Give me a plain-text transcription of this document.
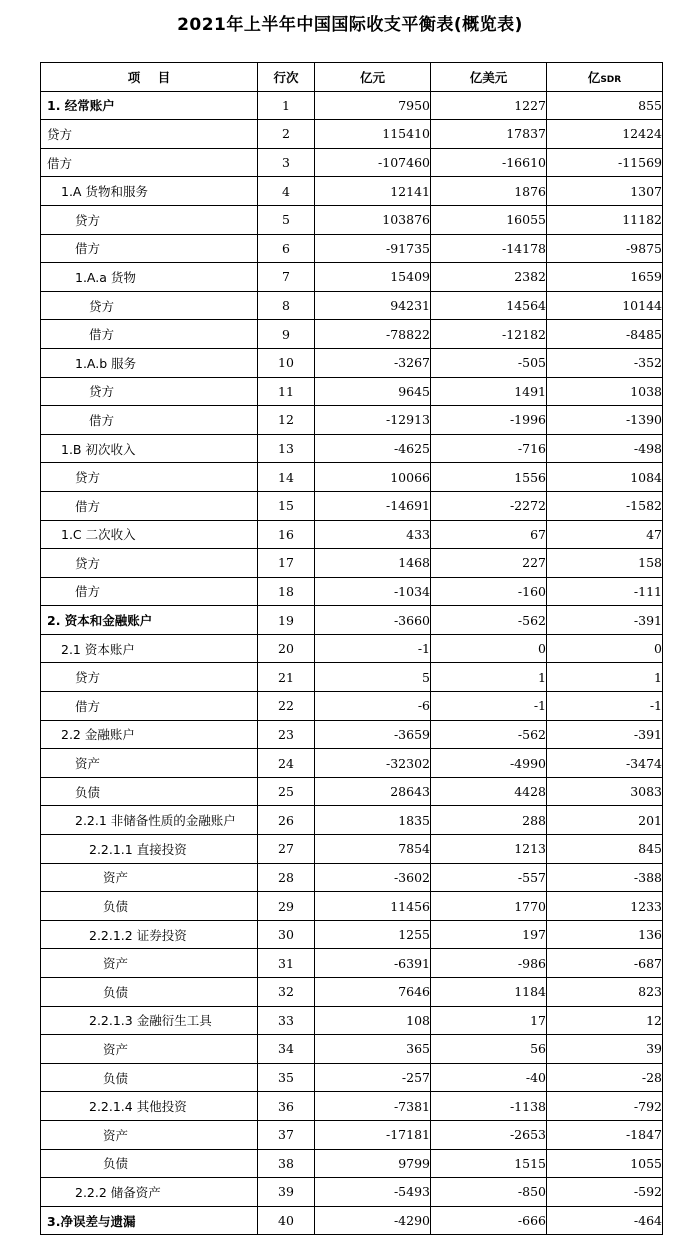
2021年上半年中国国际收支平衡表(概览表)
项    目	行次	亿元	亿美元	亿SDR
1. 经常账户	1	7950	1227	855
贷方	2	115410	17837	12424
借方	3	-107460	-16610	-11569
1.A 货物和服务	4	12141	1876	1307
贷方	5	103876	16055	11182
借方	6	-91735	-14178	-9875
1.A.a 货物	7	15409	2382	1659
贷方	8	94231	14564	10144
借方	9	-78822	-12182	-8485
1.A.b 服务	10	-3267	-505	-352
贷方	11	9645	1491	1038
借方	12	-12913	-1996	-1390
1.B 初次收入	13	-4625	-716	-498
贷方	14	10066	1556	1084
借方	15	-14691	-2272	-1582
1.C 二次收入	16	433	67	47
贷方	17	1468	227	158
借方	18	-1034	-160	-111
2. 资本和金融账户	19	-3660	-562	-391
2.1 资本账户	20	-1	0	0
贷方	21	5	1	1
借方	22	-6	-1	-1
2.2 金融账户	23	-3659	-562	-391
资产	24	-32302	-4990	-3474
负债	25	28643	4428	3083
2.2.1 非储备性质的金融账户	26	1835	288	201
2.2.1.1 直接投资	27	7854	1213	845
资产	28	-3602	-557	-388
负债	29	11456	1770	1233
2.2.1.2 证券投资	30	1255	197	136
资产	31	-6391	-986	-687
负债	32	7646	1184	823
2.2.1.3 金融衍生工具	33	108	17	12
资产	34	365	56	39
负债	35	-257	-40	-28
2.2.1.4 其他投资	36	-7381	-1138	-792
资产	37	-17181	-2653	-1847
负债	38	9799	1515	1055
2.2.2 储备资产	39	-5493	-850	-592
3.净误差与遗漏	40	-4290	-666	-464
